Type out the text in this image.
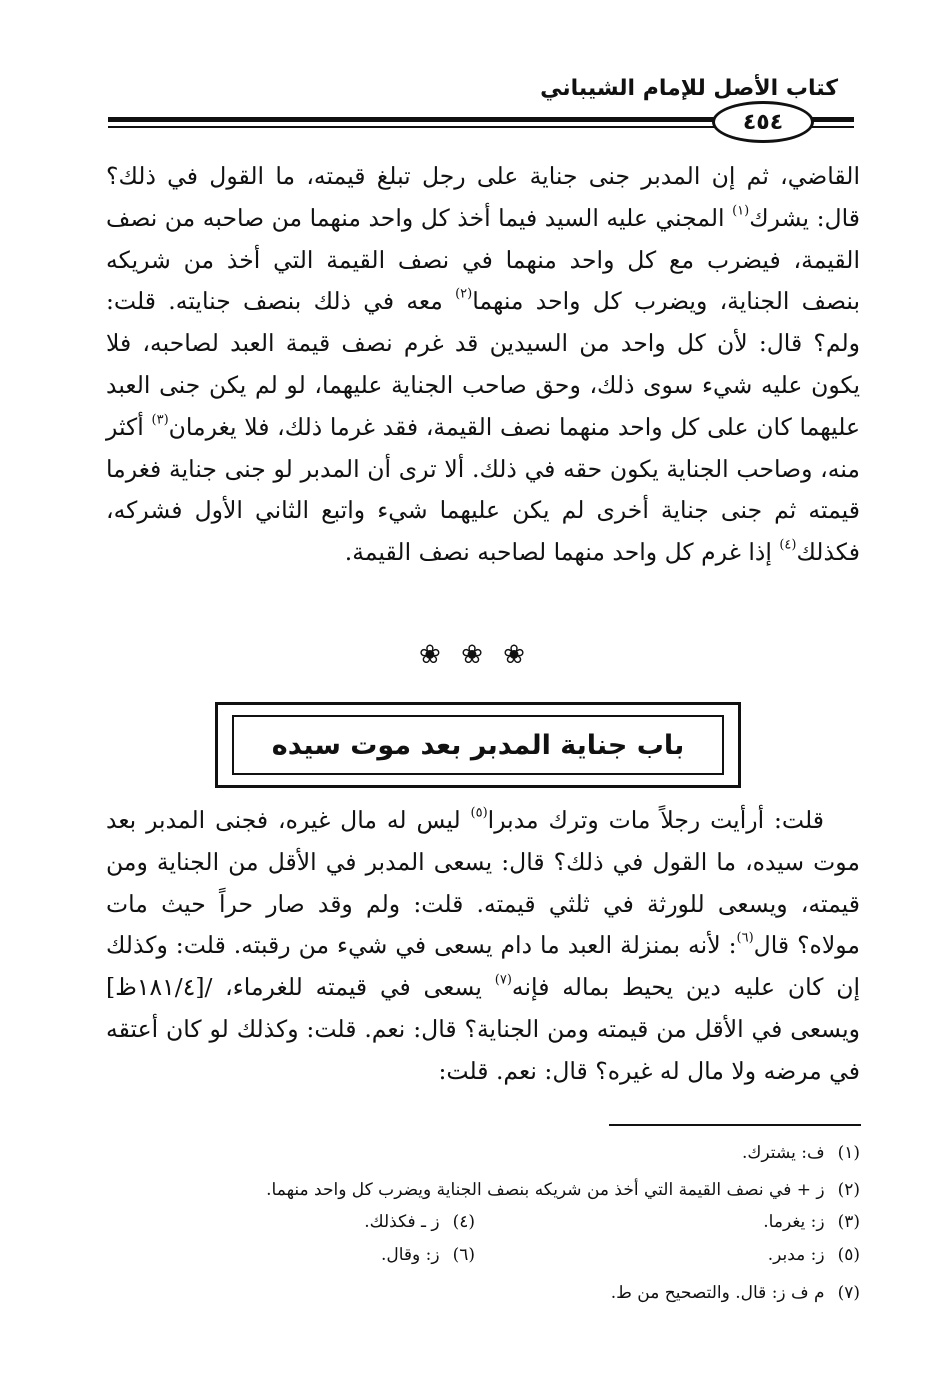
كتاب الأصل للإمام الشيباني
٤٥٤

القاضي، ثم إن المدبر جنى جناية على رجل تبلغ قيمته، ما القول في ذلك؟ قال: يشرك$^{(١)}$ المجني عليه السيد فيما أخذ كل واحد منهما من صاحبه من نصف القيمة، فيضرب مع كل واحد منهما في نصف القيمة التي أخذ من شريكه بنصف الجناية، ويضرب كل واحد منهما$^{(٢)}$ معه في ذلك بنصف جنايته. قلت: ولم؟ قال: لأن كل واحد من السيدين قد غرم نصف قيمة العبد لصاحبه، فلا يكون عليه شيء سوى ذلك، وحق صاحب الجناية عليهما، لو لم يكن جنى العبد عليهما كان على كل واحد منهما نصف القيمة، فقد غرما ذلك، فلا يغرمان$^{(٣)}$ أكثر منه، وصاحب الجناية يكون حقه في ذلك. ألا ترى أن المدبر لو جنى جناية فغرما قيمته ثم جنى جناية أخرى لم يكن عليهما شيء واتبع الثاني الأول فشركه، فكذلك$^{(٤)}$ إذا غرم كل واحد منهما لصاحبه نصف القيمة.

❀ ❀ ❀
باب جناية المدبر بعد موت سيده

قلت: أرأيت رجلاً مات وترك مدبرا$^{(٥)}$ ليس له مال غيره، فجنى المدبر بعد موت سيده، ما القول في ذلك؟ قال: يسعى المدبر في الأقل من الجناية ومن قيمته، ويسعى للورثة في ثلثي قيمته. قلت: ولم وقد صار حراً حيث مات مولاه؟ قال$^{(٦)}$: لأنه بمنزلة العبد ما دام يسعى في شيء من رقبته. قلت: وكذلك إن كان عليه دين يحيط بماله فإنه$^{(٧)}$ يسعى في قيمته للغرماء، /[١٨١/٤ظ] ويسعى في الأقل من قيمته ومن الجناية؟ قال: نعم. قلت: وكذلك لو كان أعتقه في مرضه ولا مال له غيره؟ قال: نعم. قلت:

(١) ف: يشترك.
(٢) ز + في نصف القيمة التي أخذ من شريكه بنصف الجناية ويضرب كل واحد منهما.
(٣) ز: يغرما.
(٤) ز ـ فكذلك.
(٥) ز: مدبر.
(٦) ز: وقال.
(٧) م ف ز: قال. والتصحيح من ط.
